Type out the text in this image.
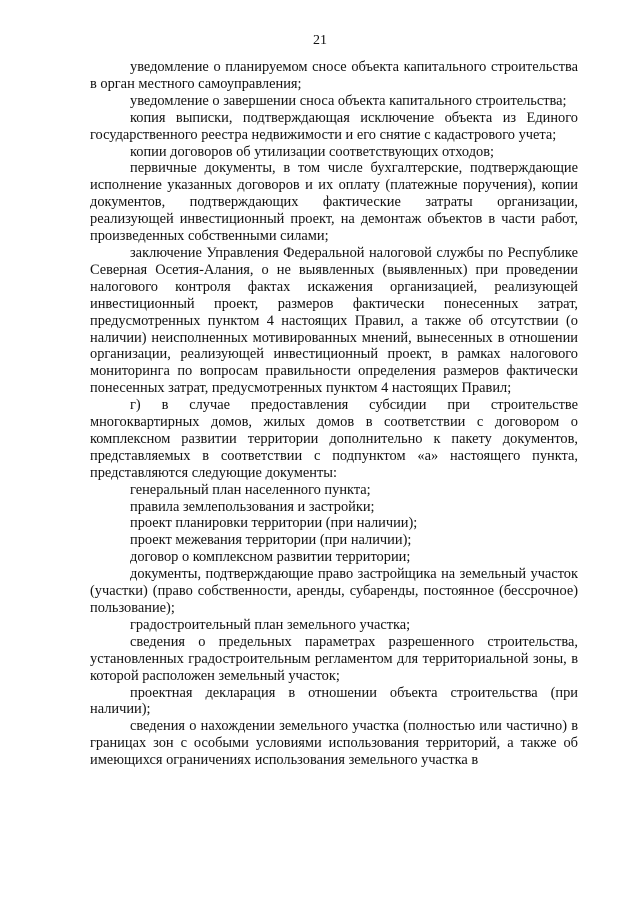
21

уведомление о планируемом сносе объекта капитального строительства в орган местного самоуправления;

уведомление о завершении сноса объекта капитального строительства;

копия выписки, подтверждающая исключение объекта из Единого государственного реестра недвижимости и его снятие с кадастрового учета;

копии договоров об утилизации соответствующих отходов;

первичные документы, в том числе бухгалтерские, подтверждающие исполнение указанных договоров и их оплату (платежные поручения), копии документов, подтверждающих фактические затраты организации, реализующей инвестиционный проект, на демонтаж объектов в части работ, произведенных собственными силами;

заключение Управления Федеральной налоговой службы по Республике Северная Осетия-Алания, о не выявленных (выявленных) при проведении налогового контроля фактах искажения организацией, реализующей инвестиционный проект, размеров фактически понесенных затрат, предусмотренных пунктом 4 настоящих Правил, а также об отсутствии (о наличии) неисполненных мотивированных мнений, вынесенных в отношении организации, реализующей инвестиционный проект, в рамках налогового мониторинга по вопросам правильности определения размеров фактически понесенных затрат, предусмотренных пунктом 4 настоящих Правил;

г) в случае предоставления субсидии при строительстве многоквартирных домов, жилых домов в соответствии с договором о комплексном развитии территории дополнительно к пакету документов, представляемых в соответствии с подпунктом «а» настоящего пункта, представляются следующие документы:

генеральный план населенного пункта;

правила землепользования и застройки;

проект планировки территории (при наличии);

проект межевания территории (при наличии);

договор о комплексном развитии территории;

документы, подтверждающие право застройщика на земельный участок (участки) (право собственности, аренды, субаренды, постоянное (бессрочное) пользование);

градостроительный план земельного участка;

сведения о предельных параметрах разрешенного строительства, установленных градостроительным регламентом для территориальной зоны, в которой расположен земельный участок;

проектная декларация в отношении объекта строительства (при наличии);

сведения о нахождении земельного участка (полностью или частично) в границах зон с особыми условиями использования территорий, а также об имеющихся ограничениях использования земельного участка в
